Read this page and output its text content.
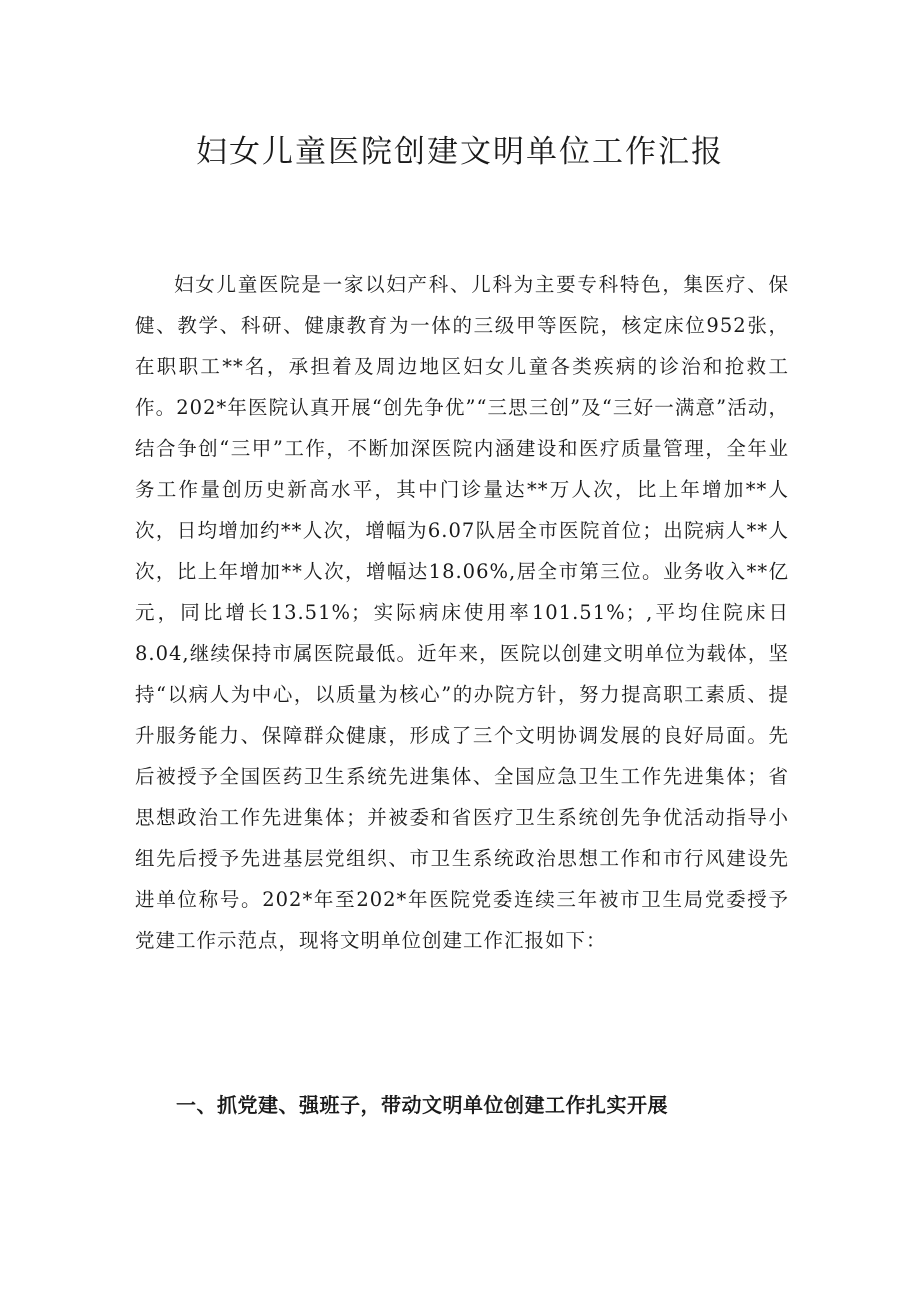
妇女儿童医院创建文明单位工作汇报

妇女儿童医院是一家以妇产科、儿科为主要专科特色，集医疗、保健、教学、科研、健康教育为一体的三级甲等医院，核定床位952张，在职职工**名，承担着及周边地区妇女儿童各类疾病的诊治和抢救工作。202*年医院认真开展“创先争优”“三思三创”及“三好一满意”活动，结合争创“三甲”工作，不断加深医院内涵建设和医疗质量管理，全年业务工作量创历史新高水平，其中门诊量达**万人次，比上年增加**人次，日均增加约**人次，增幅为6.07队居全市医院首位；出院病人**人次，比上年增加**人次，增幅达18.06%,居全市第三位。业务收入**亿元，同比增长13.51%；实际病床使用率101.51%；,平均住院床日8.04,继续保持市属医院最低。近年来，医院以创建文明单位为载体，坚持“以病人为中心，以质量为核心”的办院方针，努力提高职工素质、提升服务能力、保障群众健康，形成了三个文明协调发展的良好局面。先后被授予全国医药卫生系统先进集体、全国应急卫生工作先进集体；省思想政治工作先进集体；并被委和省医疗卫生系统创先争优活动指导小组先后授予先进基层党组织、市卫生系统政治思想工作和市行风建设先进单位称号。202*年至202*年医院党委连续三年被市卫生局党委授予党建工作示范点，现将文明单位创建工作汇报如下：

一、抓党建、强班子，带动文明单位创建工作扎实开展
